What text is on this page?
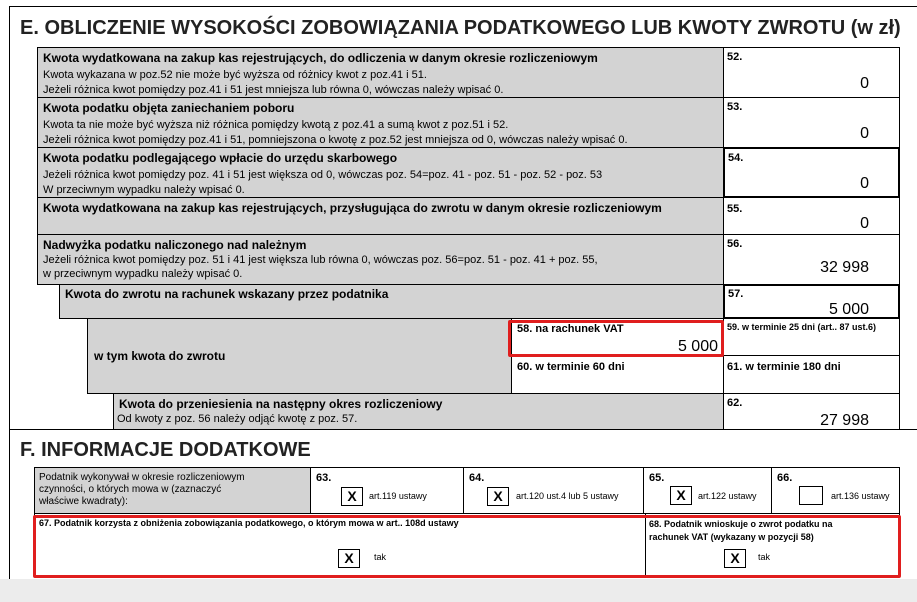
E. OBLICZENIE WYSOKOŚCI ZOBOWIĄZANIA PODATKOWEGO LUB KWOTY ZWROTU (w zł)
Kwota wydatkowana na zakup kas rejestrujących, do odliczenia w danym okresie rozliczeniowym
Kwota wykazana w poz.52 nie może być wyższa od różnicy kwot z poz.41 i 51.
Jeżeli różnica kwot pomiędzy poz.41 i 51 jest mniejsza lub równa 0, wówczas należy wpisać 0.
52.
0
Kwota podatku objęta zaniechaniem poboru
Kwota ta nie może być wyższa niż różnica pomiędzy kwotą z poz.41 a sumą kwot z poz.51 i 52.
Jeżeli różnica kwot pomiędzy poz.41 i 51, pomniejszona o kwotę z poz.52 jest mniejsza od 0, wówczas należy wpisać 0.
53.
0
Kwota podatku podlegającego wpłacie do urzędu skarbowego
Jeżeli różnica kwot pomiędzy poz. 41 i 51 jest większa od 0, wówczas poz. 54=poz. 41 - poz. 51 - poz. 52 - poz. 53
W przeciwnym wypadku należy wpisać 0.
54.
0
Kwota wydatkowana na zakup kas rejestrujących, przysługująca do zwrotu w danym okresie rozliczeniowym	55.
0
Nadwyżka podatku naliczonego nad należnym
Jeżeli różnica kwot pomiędzy poz. 51 i 41 jest większa lub równa 0, wówczas poz. 56=poz. 51 - poz. 41 + poz. 55,
w przeciwnym wypadku należy wpisać 0.
56.
32 998
Kwota do zwrotu na rachunek wskazany przez podatnika	57.
5 000
w tym kwota do zwrotu
58. na rachunek VAT
5 000
59. w terminie 25 dni (art.. 87 ust.6)
60. w terminie 60 dni	61. w terminie 180 dni
Kwota do przeniesienia na następny okres rozliczeniowy
Od kwoty z poz. 56 należy odjąć kwotę z poz. 57.
62.
27 998
F. INFORMACJE DODATKOWE
Podatnik wykonywał w okresie rozliczeniowym czynności, o których mowa w (zaznaczyć właściwe kwadraty):
63.
X	art.119 ustawy
64.
X	art.120 ust.4 lub 5 ustawy
65.
X	art.122 ustawy
66.
art.136 ustawy
67. Podatnik korzysta z obniżenia zobowiązania podatkowego, o którym mowa w art.. 108d ustawy
X	tak
68. Podatnik wnioskuje o zwrot podatku na rachunek VAT (wykazany w pozycji 58)
X	tak
